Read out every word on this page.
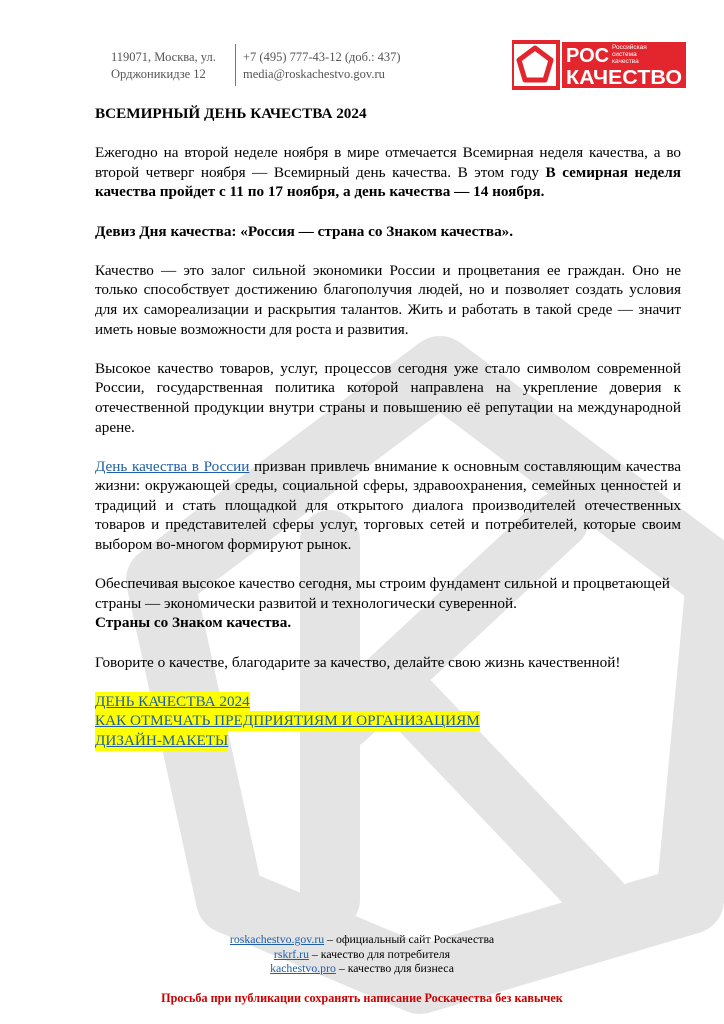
119071, Москва, ул.
Орджоникидзе 12
+7 (495) 777-43-12 (доб.: 437)
media@roskachestvo.gov.ru
РОС Российская
система
качества
КАЧЕСТВО
ВСЕМИРНЫЙ ДЕНЬ КАЧЕСТВА 2024
Ежегодно на второй неделе ноября в мире отмечается Всемирная неделя качества, а во второй четверг ноября — Всемирный день качества. В этом году В семирная неделя качества пройдет с 11 по 17 ноября, а день качества — 14 ноября.
Девиз Дня качества: «Россия — страна со Знаком качества».
Качество — это залог сильной экономики России и процветания ее граждан. Оно не только способствует достижению благополучия людей, но и позволяет создать условия для их самореализации и раскрытия талантов. Жить и работать в такой среде — значит иметь новые возможности для роста и развития.
Высокое качество товаров, услуг, процессов сегодня уже стало символом современной России, государственная политика которой направлена на укрепление доверия к отечественной продукции внутри страны и повышению её репутации на международной арене.
День качества в России призван привлечь внимание к основным составляющим качества жизни: окружающей среды, социальной сферы, здравоохранения, семейных ценностей и традиций и стать площадкой для открытого диалога производителей отечественных товаров и представителей сферы услуг, торговых сетей и потребителей, которые своим выбором во-многом формируют рынок.
Обеспечивая высокое качество сегодня, мы строим фундамент сильной и процветающей страны — экономически развитой и технологически суверенной.
Страны со Знаком качества.
Говорите о качестве, благодарите за качество, делайте свою жизнь качественной!
ДЕНЬ КАЧЕСТВА 2024
КАК ОТМЕЧАТЬ ПРЕДПРИЯТИЯМ И ОРГАНИЗАЦИЯМ
ДИЗАЙН-МАКЕТЫ
roskachestvo.gov.ru – официальный сайт Роскачества
rskrf.ru – качество для потребителя
kachestvo.pro – качество для бизнеса
Просьба при публикации сохранять написание Роскачества без кавычек
